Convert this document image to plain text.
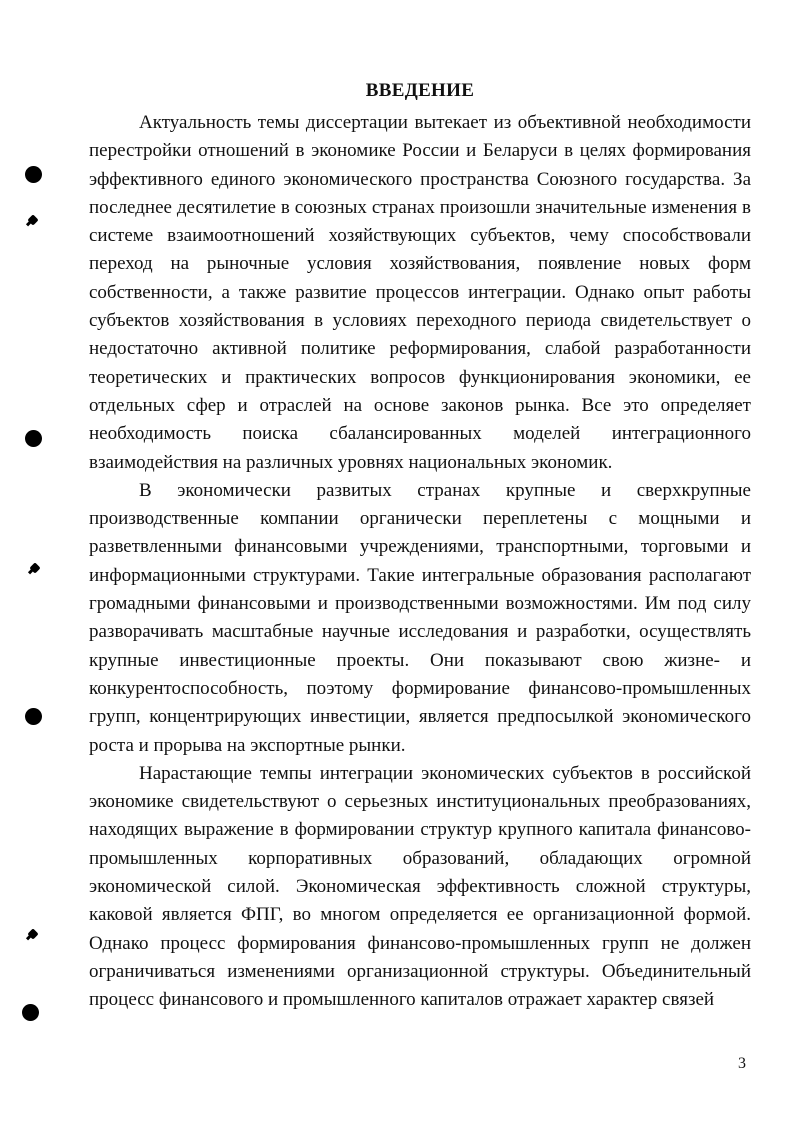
ВВЕДЕНИЕ

Актуальность темы диссертации вытекает из объективной необходимости перестройки отношений в экономике России и Беларуси в целях формирования эффективного единого экономического пространства Союзного государства. За последнее десятилетие в союзных странах произошли значительные изменения в системе взаимоотношений хозяйствующих субъектов, чему способствовали переход на рыночные условия хозяйствования, появление новых форм собственности, а также развитие процессов интеграции. Однако опыт работы субъектов хозяйствования в условиях переходного периода свидетельствует о недостаточно активной политике реформирования, слабой разработанности теоретических и практических вопросов функционирования экономики, ее отдельных сфер и отраслей на основе законов рынка. Все это определяет необходимость поиска сбалансированных моделей интеграционного взаимодействия на различных уровнях национальных экономик.

В экономически развитых странах крупные и сверхкрупные производственные компании органически переплетены с мощными и разветвленными финансовыми учреждениями, транспортными, торговыми и информационными структурами. Такие интегральные образования располагают громадными финансовыми и производственными возможностями. Им под силу разворачивать масштабные научные исследования и разработки, осуществлять крупные инвестиционные проекты. Они показывают свою жизне- и конкурентоспособность, поэтому формирование финансово-промышленных групп, концентрирующих инвестиции, является предпосылкой экономического роста и прорыва на экспортные рынки.

Нарастающие темпы интеграции экономических субъектов в российской экономике свидетельствуют о серьезных институциональных преобразованиях, находящих выражение в формировании структур крупного капитала финансово-промышленных корпоративных образований, обладающих огромной экономической силой. Экономическая эффективность сложной структуры, каковой является ФПГ, во многом определяется ее организационной формой. Однако процесс формирования финансово-промышленных групп не должен ограничиваться изменениями организационной структуры. Объединительный процесс финансового и промышленного капиталов отражает характер связей

3
